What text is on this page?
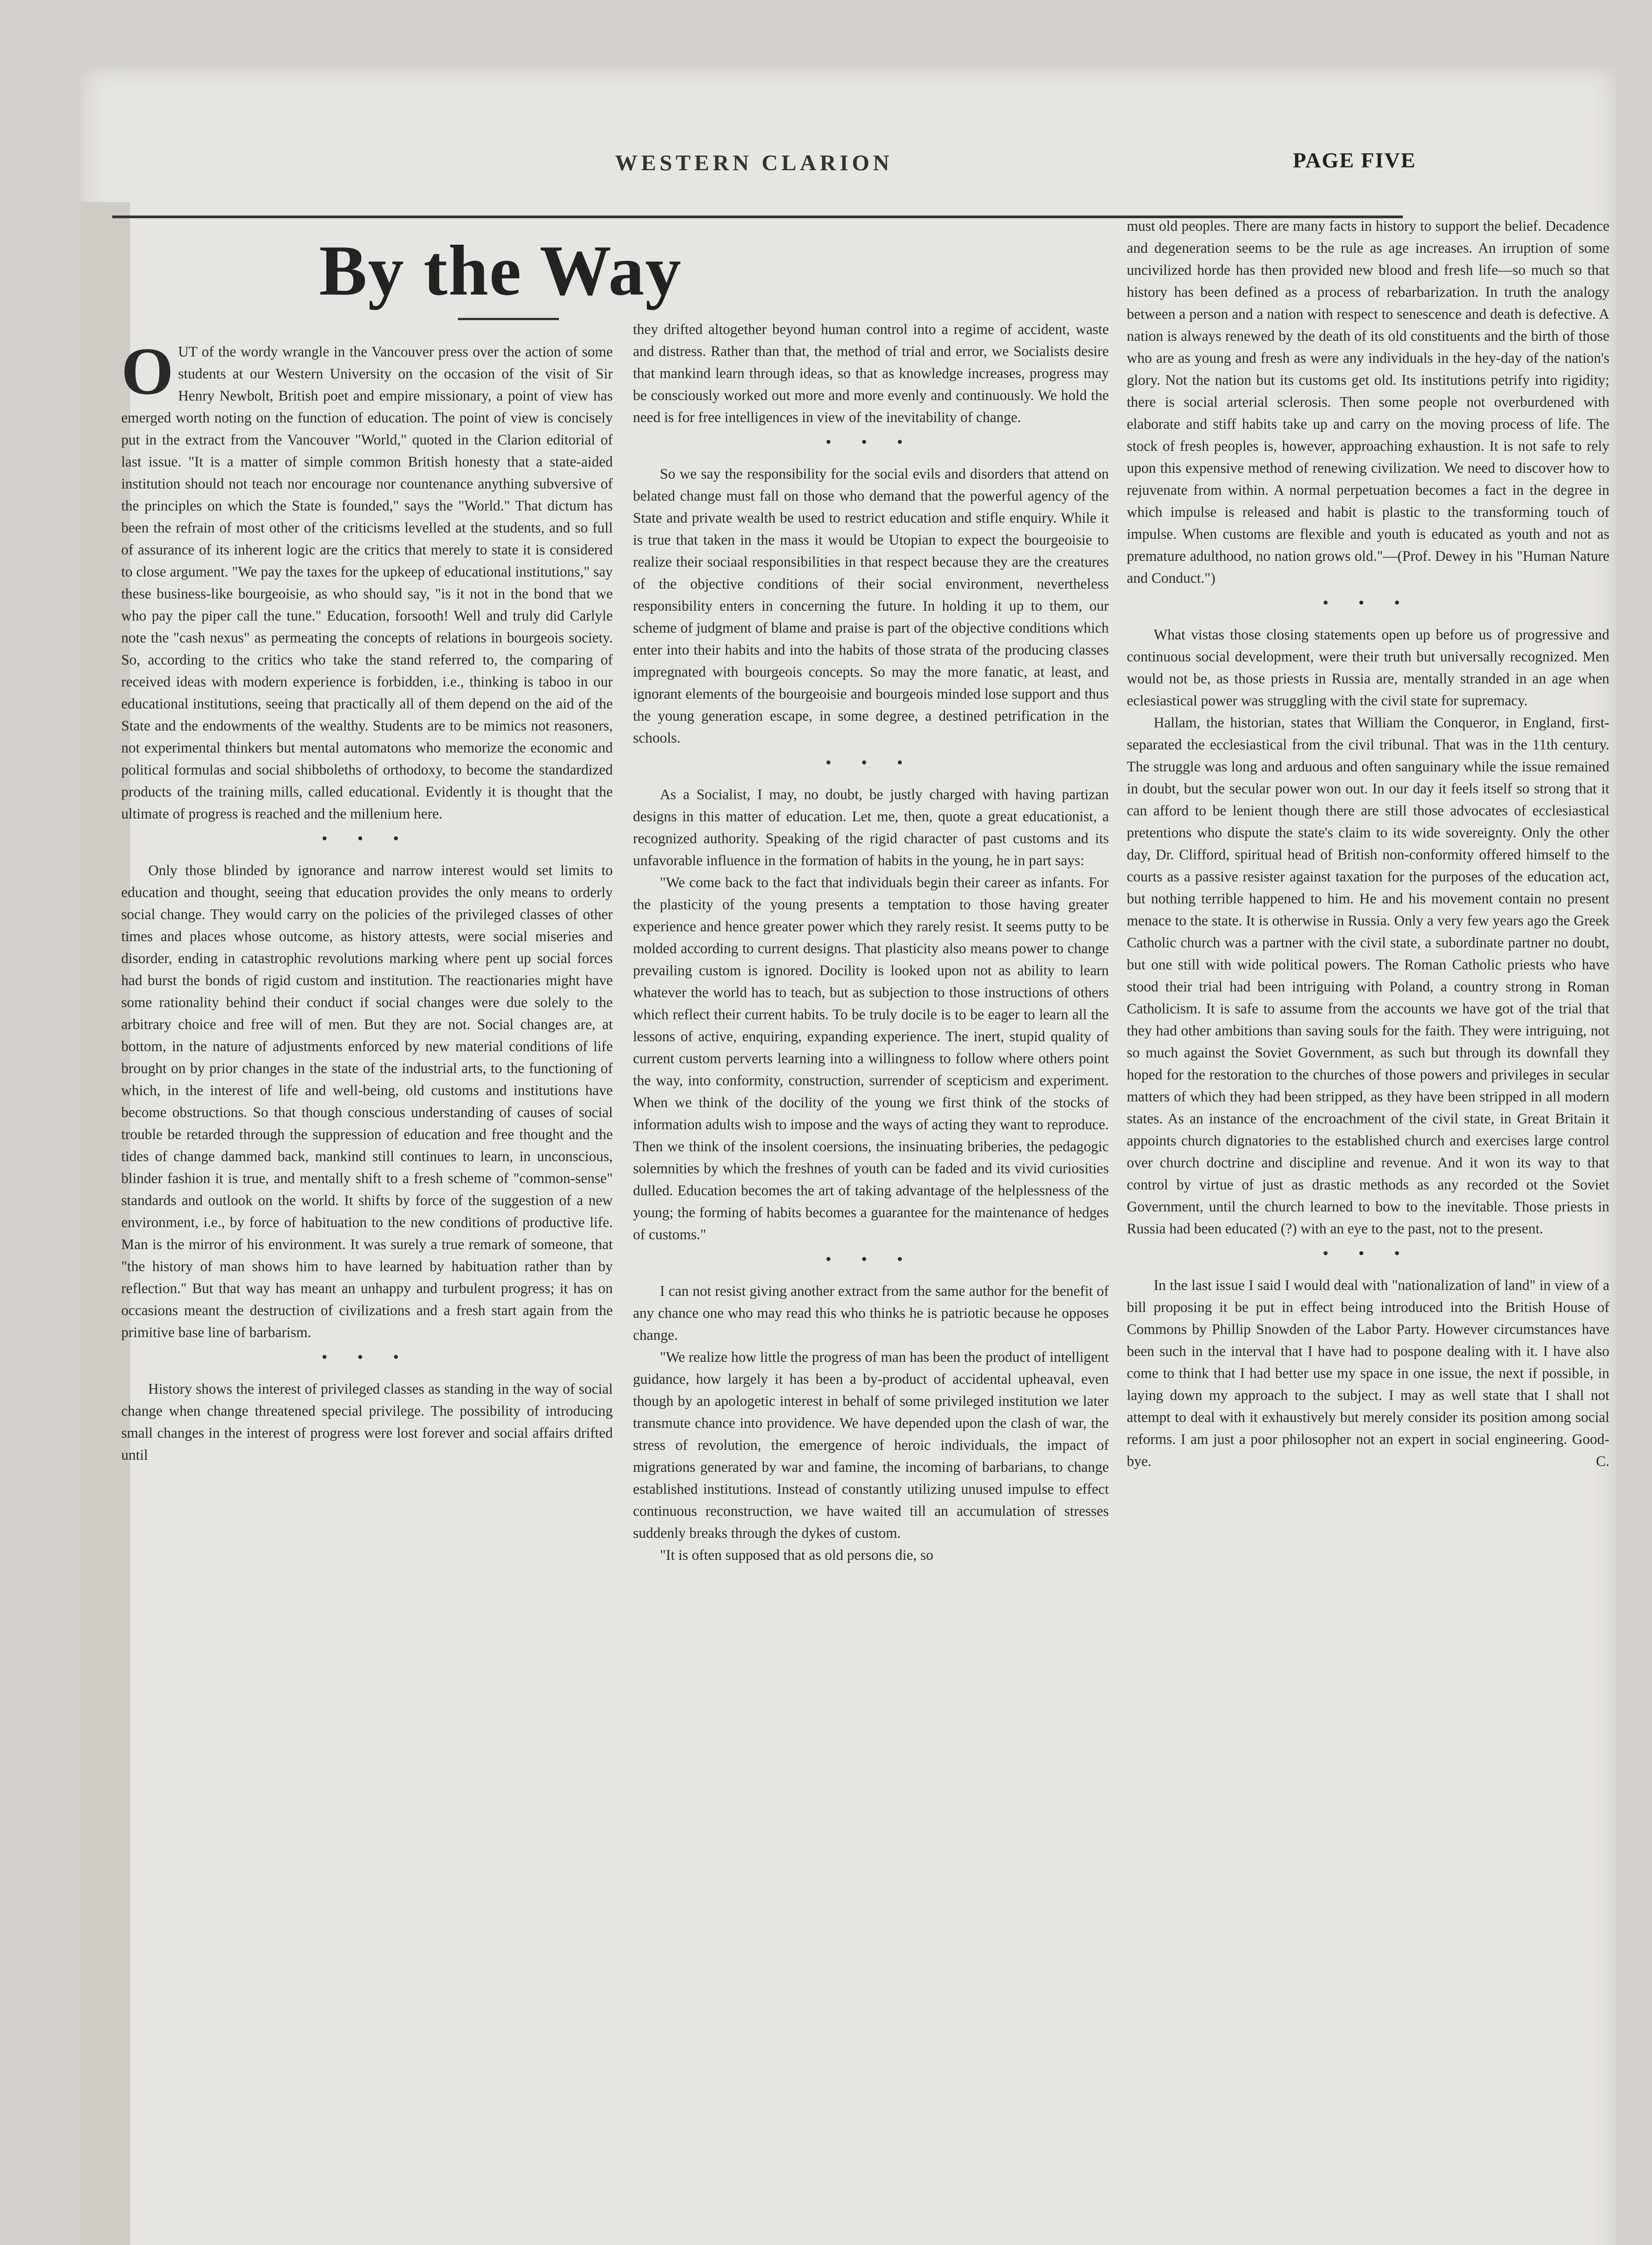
WESTERN CLARION	PAGE FIVE
By the Way

OUT of the wordy wrangle in the Vancouver press over the action of some students at our Western University on the occasion of the visit of Sir Henry Newbolt, British poet and empire missionary, a point of view has emerged worth noting on the function of education. The point of view is concisely put in the extract from the Vancouver "World," quoted in the Clarion editorial of last issue. "It is a matter of simple common British honesty that a state-aided institution should not teach nor encourage nor countenance anything subversive of the principles on which the State is founded," says the "World." That dictum has been the refrain of most other of the criticisms levelled at the students, and so full of assurance of its inherent logic are the critics that merely to state it is considered to close argument. "We pay the taxes for the upkeep of educational institutions," say these business-like bourgeoisie, as who should say, "is it not in the bond that we who pay the piper call the tune." Education, forsooth! Well and truly did Carlyle note the "cash nexus" as permeating the concepts of relations in bourgeois society. So, according to the critics who take the stand referred to, the comparing of received ideas with modern experience is forbidden, i.e., thinking is taboo in our educational institutions, seeing that practically all of them depend on the aid of the State and the endowments of the wealthy. Students are to be mimics not reasoners, not experimental thinkers but mental automatons who memorize the economic and political formulas and social shibboleths of orthodoxy, to become the standardized products of the training mills, called educational. Evidently it is thought that the ultimate of progress is reached and the millenium here.

• • •

Only those blinded by ignorance and narrow interest would set limits to education and thought, seeing that education provides the only means to orderly social change. They would carry on the policies of the privileged classes of other times and places whose outcome, as history attests, were social miseries and disorder, ending in catastrophic revolutions marking where pent up social forces had burst the bonds of rigid custom and institution. The reactionaries might have some rationality behind their conduct if social changes were due solely to the arbitrary choice and free will of men. But they are not. Social changes are, at bottom, in the nature of adjustments enforced by new material conditions of life brought on by prior changes in the state of the industrial arts, to the functioning of which, in the interest of life and well-being, old customs and institutions have become obstructions. So that though conscious understanding of causes of social trouble be retarded through the suppression of education and free thought and the tides of change dammed back, mankind still continues to learn, in unconscious, blinder fashion it is true, and mentally shift to a fresh scheme of "common-sense" standards and outlook on the world. It shifts by force of the suggestion of a new environment, i.e., by force of habituation to the new conditions of productive life. Man is the mirror of his environment. It was surely a true remark of someone, that "the history of man shows him to have learned by habituation rather than by reflection." But that way has meant an unhappy and turbulent progress; it has on occasions meant the destruction of civilizations and a fresh start again from the primitive base line of barbarism.

• • •

History shows the interest of privileged classes as standing in the way of social change when change threatened special privilege. The possibility of introducing small changes in the interest of progress were lost forever and social affairs drifted until

they drifted altogether beyond human control into a regime of accident, waste and distress. Rather than that, the method of trial and error, we Socialists desire that mankind learn through ideas, so that as knowledge increases, progress may be consciously worked out more and more evenly and continuously. We hold the need is for free intelligences in view of the inevitability of change.

• • •

So we say the responsibility for the social evils and disorders that attend on belated change must fall on those who demand that the powerful agency of the State and private wealth be used to restrict education and stifle enquiry. While it is true that taken in the mass it would be Utopian to expect the bourgeoisie to realize their sociaal responsibilities in that respect because they are the creatures of the objective conditions of their social environment, nevertheless responsibility enters in concerning the future. In holding it up to them, our scheme of judgment of blame and praise is part of the objective conditions which enter into their habits and into the habits of those strata of the producing classes impregnated with bourgeois concepts. So may the more fanatic, at least, and ignorant elements of the bourgeoisie and bourgeois minded lose support and thus the young generation escape, in some degree, a destined petrification in the schools.

• • •

As a Socialist, I may, no doubt, be justly charged with having partizan designs in this matter of education. Let me, then, quote a great educationist, a recognized authority. Speaking of the rigid character of past customs and its unfavorable influence in the formation of habits in the young, he in part says:

"We come back to the fact that individuals begin their career as infants. For the plasticity of the young presents a temptation to those having greater experience and hence greater power which they rarely resist. It seems putty to be molded according to current designs. That plasticity also means power to change prevailing custom is ignored. Docility is looked upon not as ability to learn whatever the world has to teach, but as subjection to those instructions of others which reflect their current habits. To be truly docile is to be eager to learn all the lessons of active, enquiring, expanding experience. The inert, stupid quality of current custom perverts learning into a willingness to follow where others point the way, into conformity, construction, surrender of scepticism and experiment. When we think of the docility of the young we first think of the stocks of information adults wish to impose and the ways of acting they want to reproduce. Then we think of the insolent coersions, the insinuating briberies, the pedagogic solemnities by which the freshnes of youth can be faded and its vivid curiosities dulled. Education becomes the art of taking advantage of the helplessness of the young; the forming of habits becomes a guarantee for the maintenance of hedges of customs."

• • •

I can not resist giving another extract from the same author for the benefit of any chance one who may read this who thinks he is patriotic because he opposes change.

"We realize how little the progress of man has been the product of intelligent guidance, how largely it has been a by-product of accidental upheaval, even though by an apologetic interest in behalf of some privileged institution we later transmute chance into providence. We have depended upon the clash of war, the stress of revolution, the emergence of heroic individuals, the impact of migrations generated by war and famine, the incoming of barbarians, to change established institutions. Instead of constantly utilizing unused impulse to effect continuous reconstruction, we have waited till an accumulation of stresses suddenly breaks through the dykes of custom.

"It is often supposed that as old persons die, so

must old peoples. There are many facts in history to support the belief. Decadence and degeneration seems to be the rule as age increases. An irruption of some uncivilized horde has then provided new blood and fresh life—so much so that history has been defined as a process of rebarbarization. In truth the analogy between a person and a nation with respect to senescence and death is defective. A nation is always renewed by the death of its old constituents and the birth of those who are as young and fresh as were any individuals in the hey-day of the nation's glory. Not the nation but its customs get old. Its institutions petrify into rigidity; there is social arterial sclerosis. Then some people not overburdened with elaborate and stiff habits take up and carry on the moving process of life. The stock of fresh peoples is, however, approaching exhaustion. It is not safe to rely upon this expensive method of renewing civilization. We need to discover how to rejuvenate from within. A normal perpetuation becomes a fact in the degree in which impulse is released and habit is plastic to the transforming touch of impulse. When customs are flexible and youth is educated as youth and not as premature adulthood, no nation grows old."—(Prof. Dewey in his "Human Nature and Conduct.")

• • •

What vistas those closing statements open up before us of progressive and continuous social development, were their truth but universally recognized. Men would not be, as those priests in Russia are, mentally stranded in an age when eclesiastical power was struggling with the civil state for supremacy.

Hallam, the historian, states that William the Conqueror, in England, first-separated the ecclesiastical from the civil tribunal. That was in the 11th century. The struggle was long and arduous and often sanguinary while the issue remained in doubt, but the secular power won out. In our day it feels itself so strong that it can afford to be lenient though there are still those advocates of ecclesiastical pretentions who dispute the state's claim to its wide sovereignty. Only the other day, Dr. Clifford, spiritual head of British non-conformity offered himself to the courts as a passive resister against taxation for the purposes of the education act, but nothing terrible happened to him. He and his movement contain no present menace to the state. It is otherwise in Russia. Only a very few years ago the Greek Catholic church was a partner with the civil state, a subordinate partner no doubt, but one still with wide political powers. The Roman Catholic priests who have stood their trial had been intriguing with Poland, a country strong in Roman Catholicism. It is safe to assume from the accounts we have got of the trial that they had other ambitions than saving souls for the faith. They were intriguing, not so much against the Soviet Government, as such but through its downfall they hoped for the restoration to the churches of those powers and privileges in secular matters of which they had been stripped, as they have been stripped in all modern states. As an instance of the encroachment of the civil state, in Great Britain it appoints church dignatories to the established church and exercises large control over church doctrine and discipline and revenue. And it won its way to that control by virtue of just as drastic methods as any recorded ot the Soviet Government, until the church learned to bow to the inevitable. Those priests in Russia had been educated (?) with an eye to the past, not to the present.

• • •

In the last issue I said I would deal with "nationalization of land" in view of a bill proposing it be put in effect being introduced into the British House of Commons by Phillip Snowden of the Labor Party. However circumstances have been such in the interval that I have had to pospone dealing with it. I have also come to think that I had better use my space in one issue, the next if possible, in laying down my approach to the subject. I may as well state that I shall not attempt to deal with it exhaustively but merely consider its position among social reforms. I am just a poor philosopher not an expert in social engineering. Good-bye.	C.
